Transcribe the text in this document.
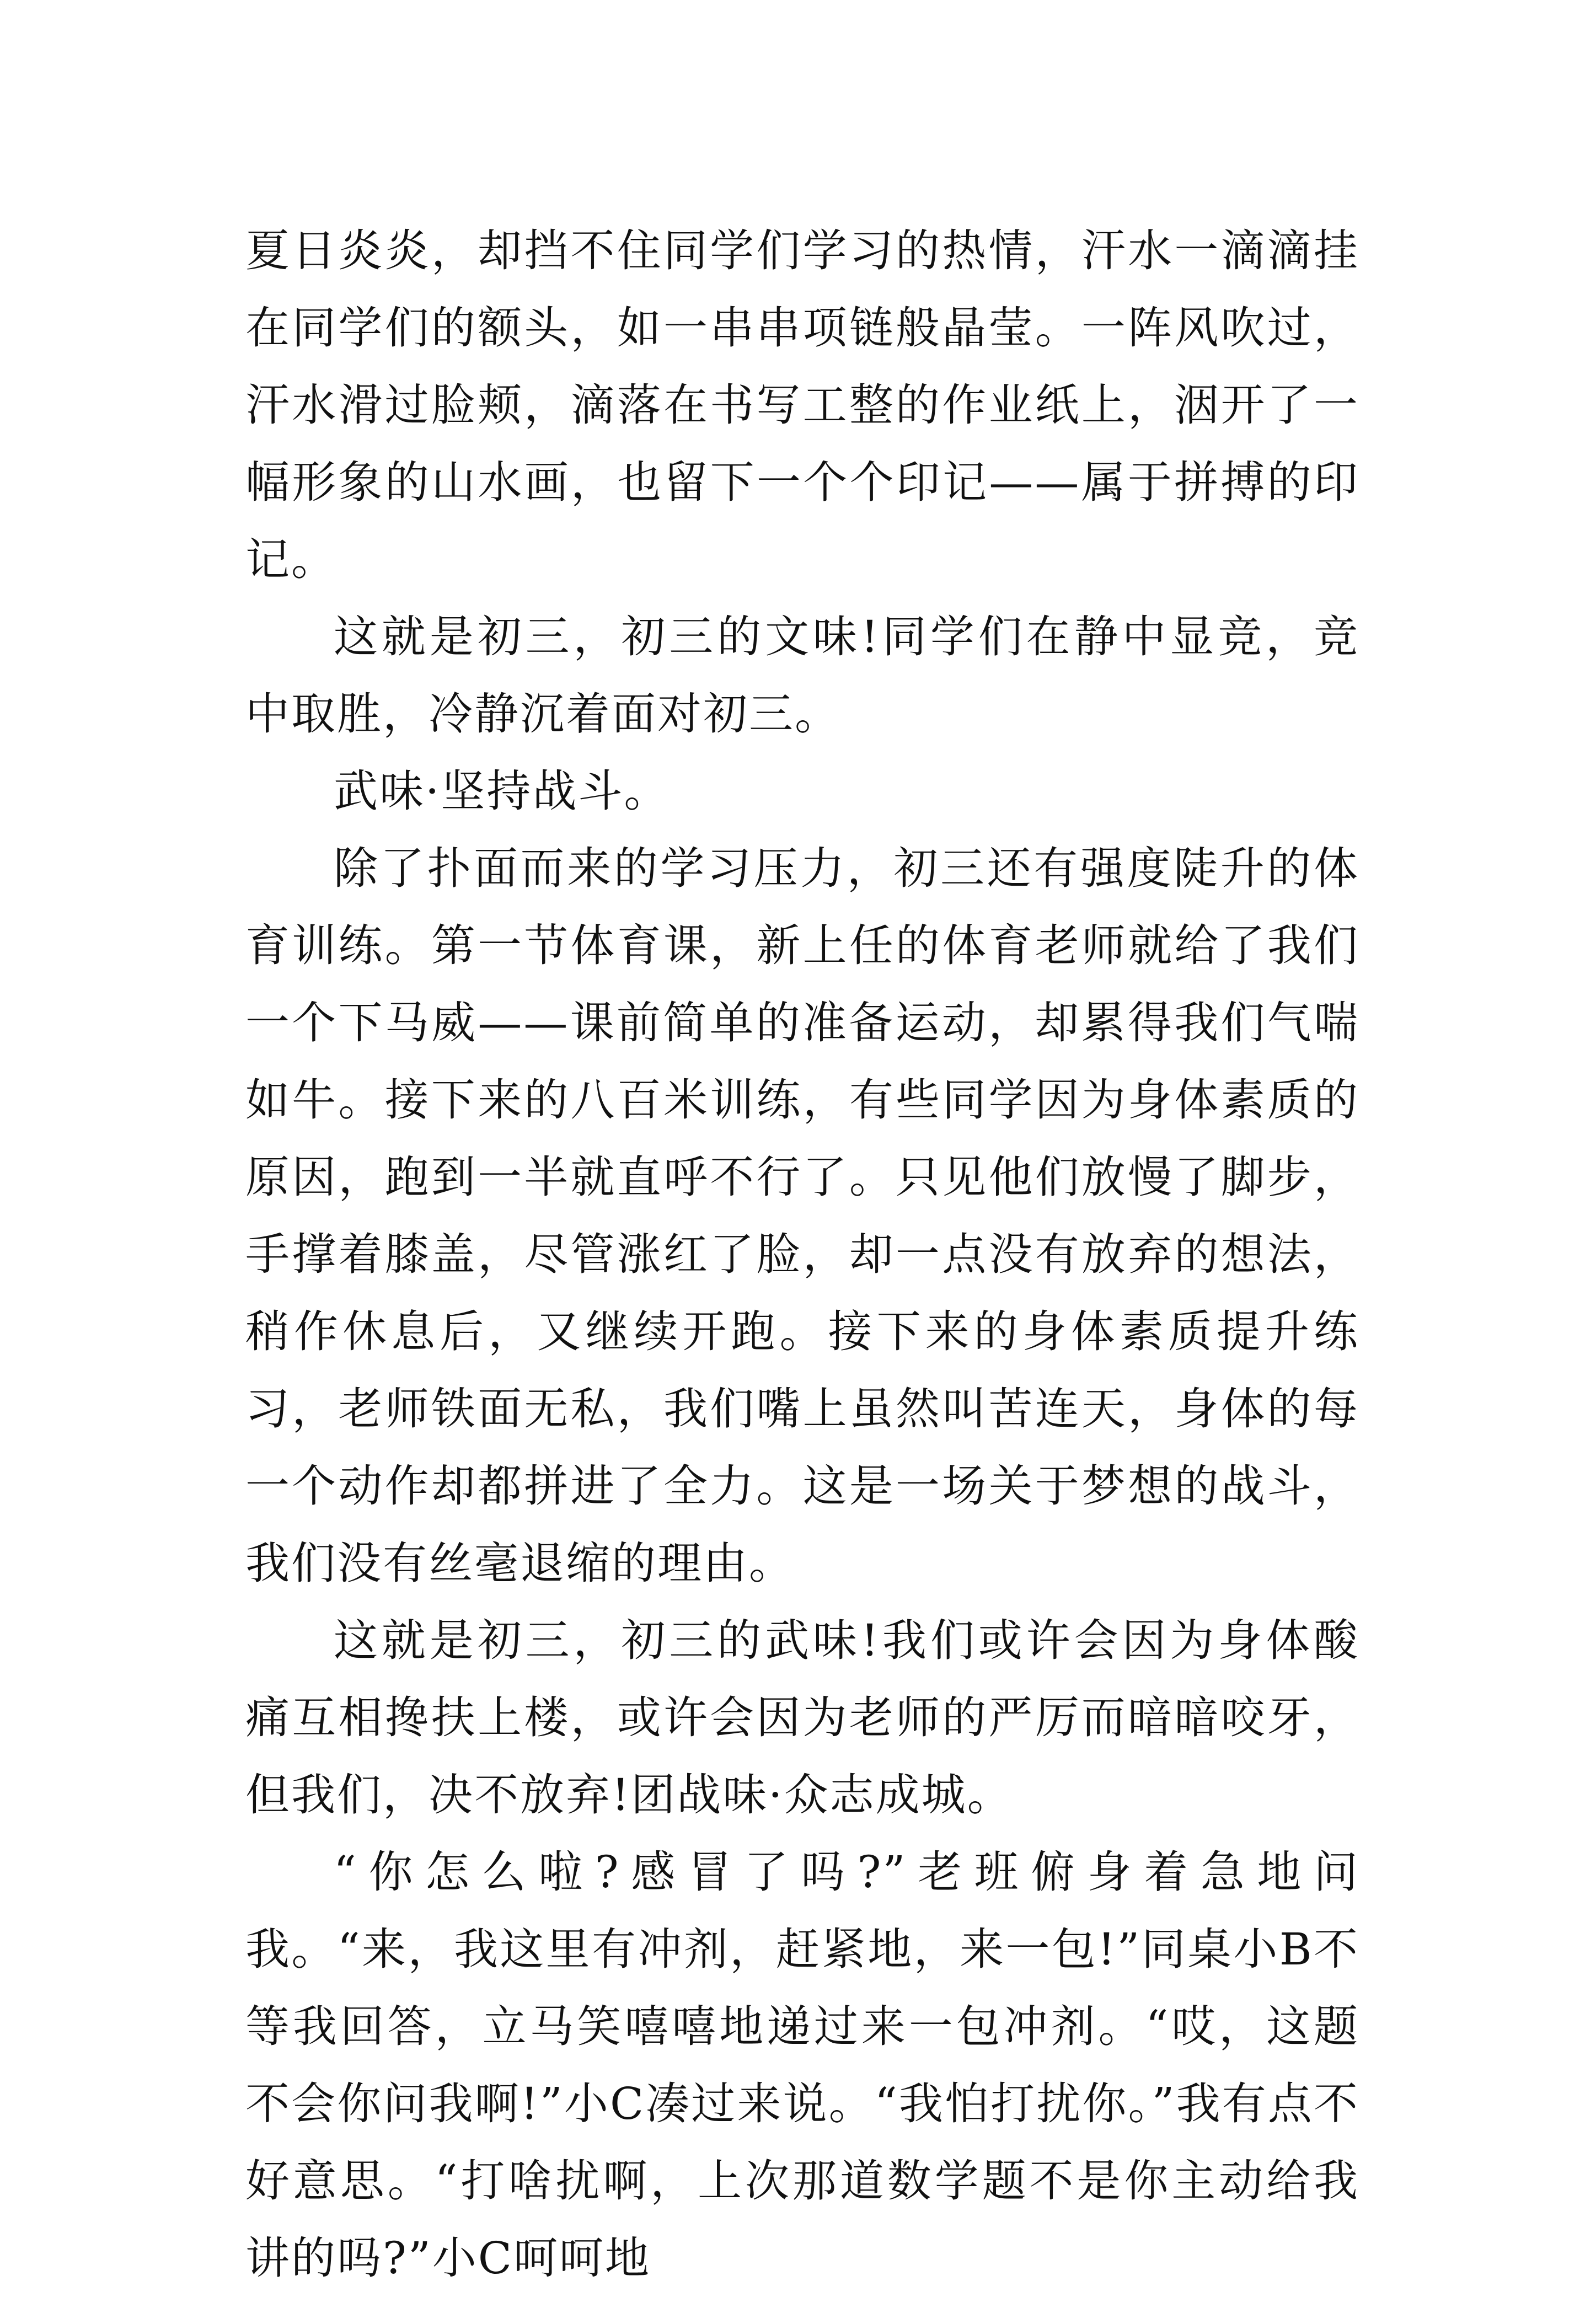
夏日炎炎，却挡不住同学们学习的热情，汗水一滴滴挂在同学们的额头，如一串串项链般晶莹。一阵风吹过，汗水滑过脸颊，滴落在书写工整的作业纸上，洇开了一幅形象的山水画，也留下一个个印记——属于拼搏的印记。

这就是初三，初三的文味!同学们在静中显竞，竞中取胜，冷静沉着面对初三。

武味·坚持战斗。

除了扑面而来的学习压力，初三还有强度陡升的体育训练。第一节体育课，新上任的体育老师就给了我们一个下马威——课前简单的准备运动，却累得我们气喘如牛。接下来的八百米训练，有些同学因为身体素质的原因，跑到一半就直呼不行了。只见他们放慢了脚步，手撑着膝盖，尽管涨红了脸，却一点没有放弃的想法，稍作休息后，又继续开跑。接下来的身体素质提升练习，老师铁面无私，我们嘴上虽然叫苦连天，身体的每一个动作却都拼进了全力。这是一场关于梦想的战斗，我们没有丝毫退缩的理由。

这就是初三，初三的武味!我们或许会因为身体酸痛互相搀扶上楼，或许会因为老师的严厉而暗暗咬牙，但我们，决不放弃!团战味·众志成城。

“你怎么啦?感冒了吗?”老班俯身着急地问我。“来，我这里有冲剂，赶紧地，来一包!”同桌小B不等我回答，立马笑嘻嘻地递过来一包冲剂。“哎，这题不会你问我啊!”小C凑过来说。“我怕打扰你。”我有点不好意思。“打啥扰啊，上次那道数学题不是你主动给我讲的吗?”小C呵呵地
